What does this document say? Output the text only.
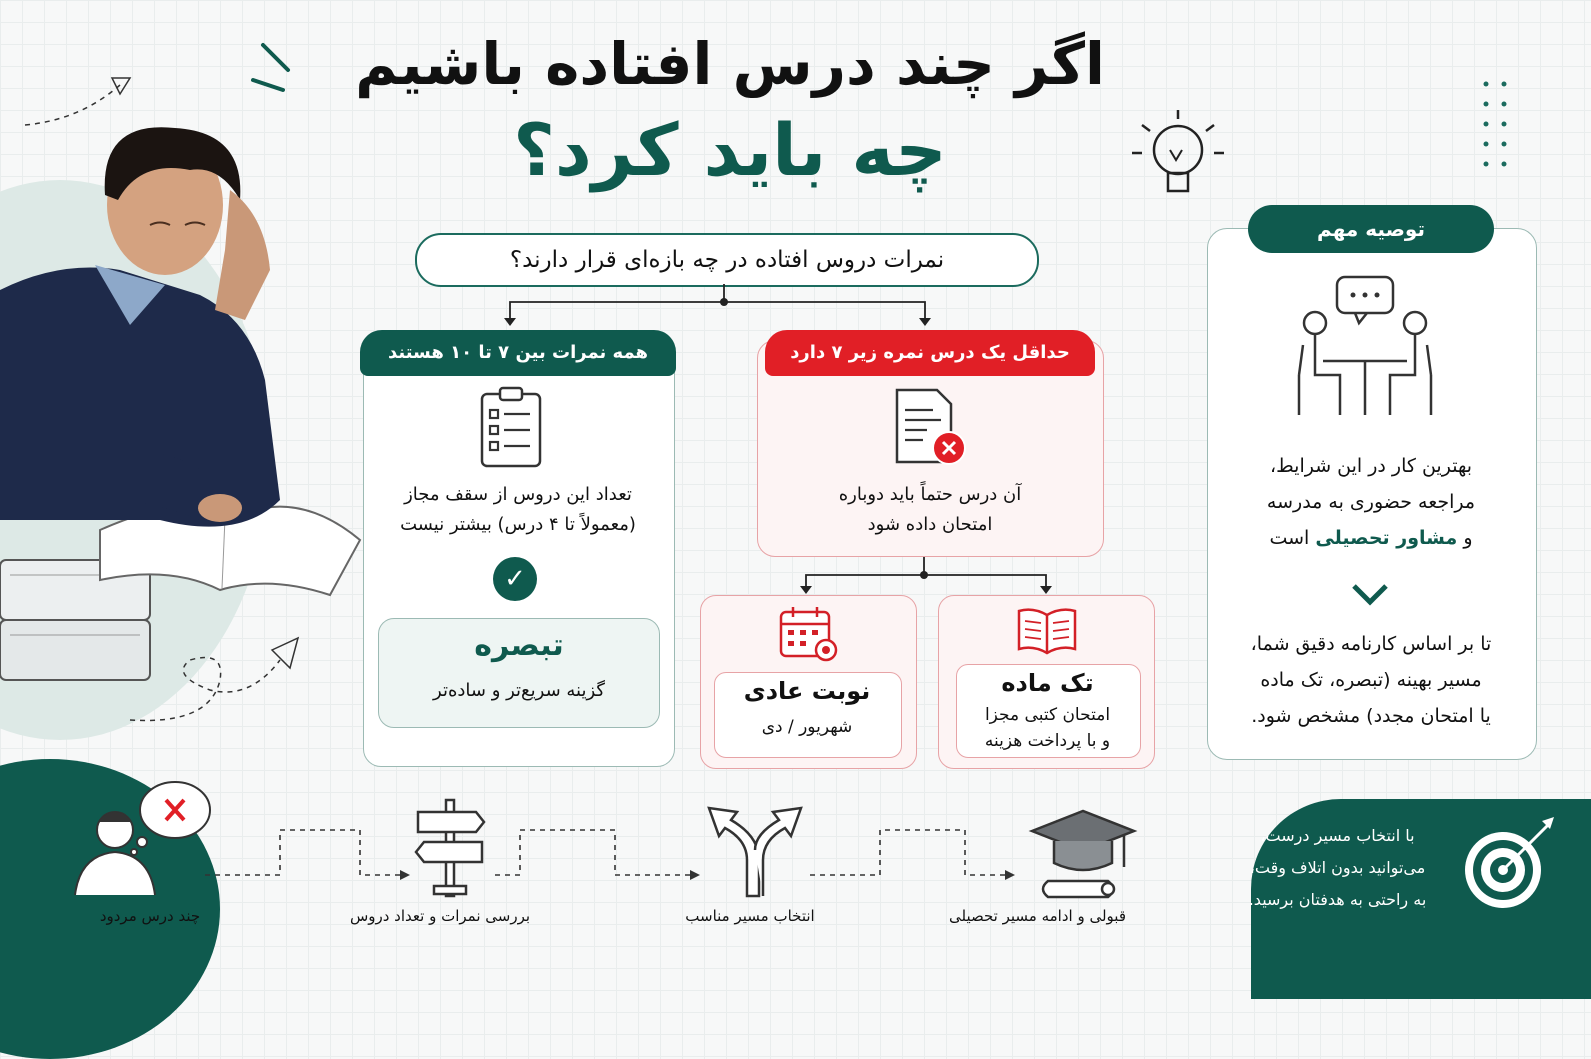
اگر چند درس افتاده باشیم
چه باید کرد؟
نمرات دروس افتاده در چه بازه‌ای قرار دارند؟
همه نمرات بین ۷ تا ۱۰ هستند
تعداد این دروس از سقف مجاز
(معمولاً تا ۴ درس) بیشتر نیست
✓
تبصره
گزینه سریع‌تر و ساده‌تر
حداقل یک درس نمره زیر ۷ دارد
آن درس حتماً باید دوباره
امتحان داده شود
تک ماده
امتحان کتبی مجزا
و با پرداخت هزینه
نوبت عادی
شهریور / دی
توصیه مهم
بهترین کار در این شرایط،
مراجعه حضوری به مدرسه
و مشاور تحصیلی است
تا بر اساس کارنامه دقیق شما،
مسیر بهینه (تبصره، تک ماده
یا امتحان مجدد) مشخص شود.
چند درس مردود	بررسی نمرات و تعداد دروس	انتخاب مسیر مناسب	قبولی و ادامه مسیر تحصیلی
با انتخاب مسیر درست،
می‌توانید بدون اتلاف وقت،
به راحتی به هدفتان برسید.
